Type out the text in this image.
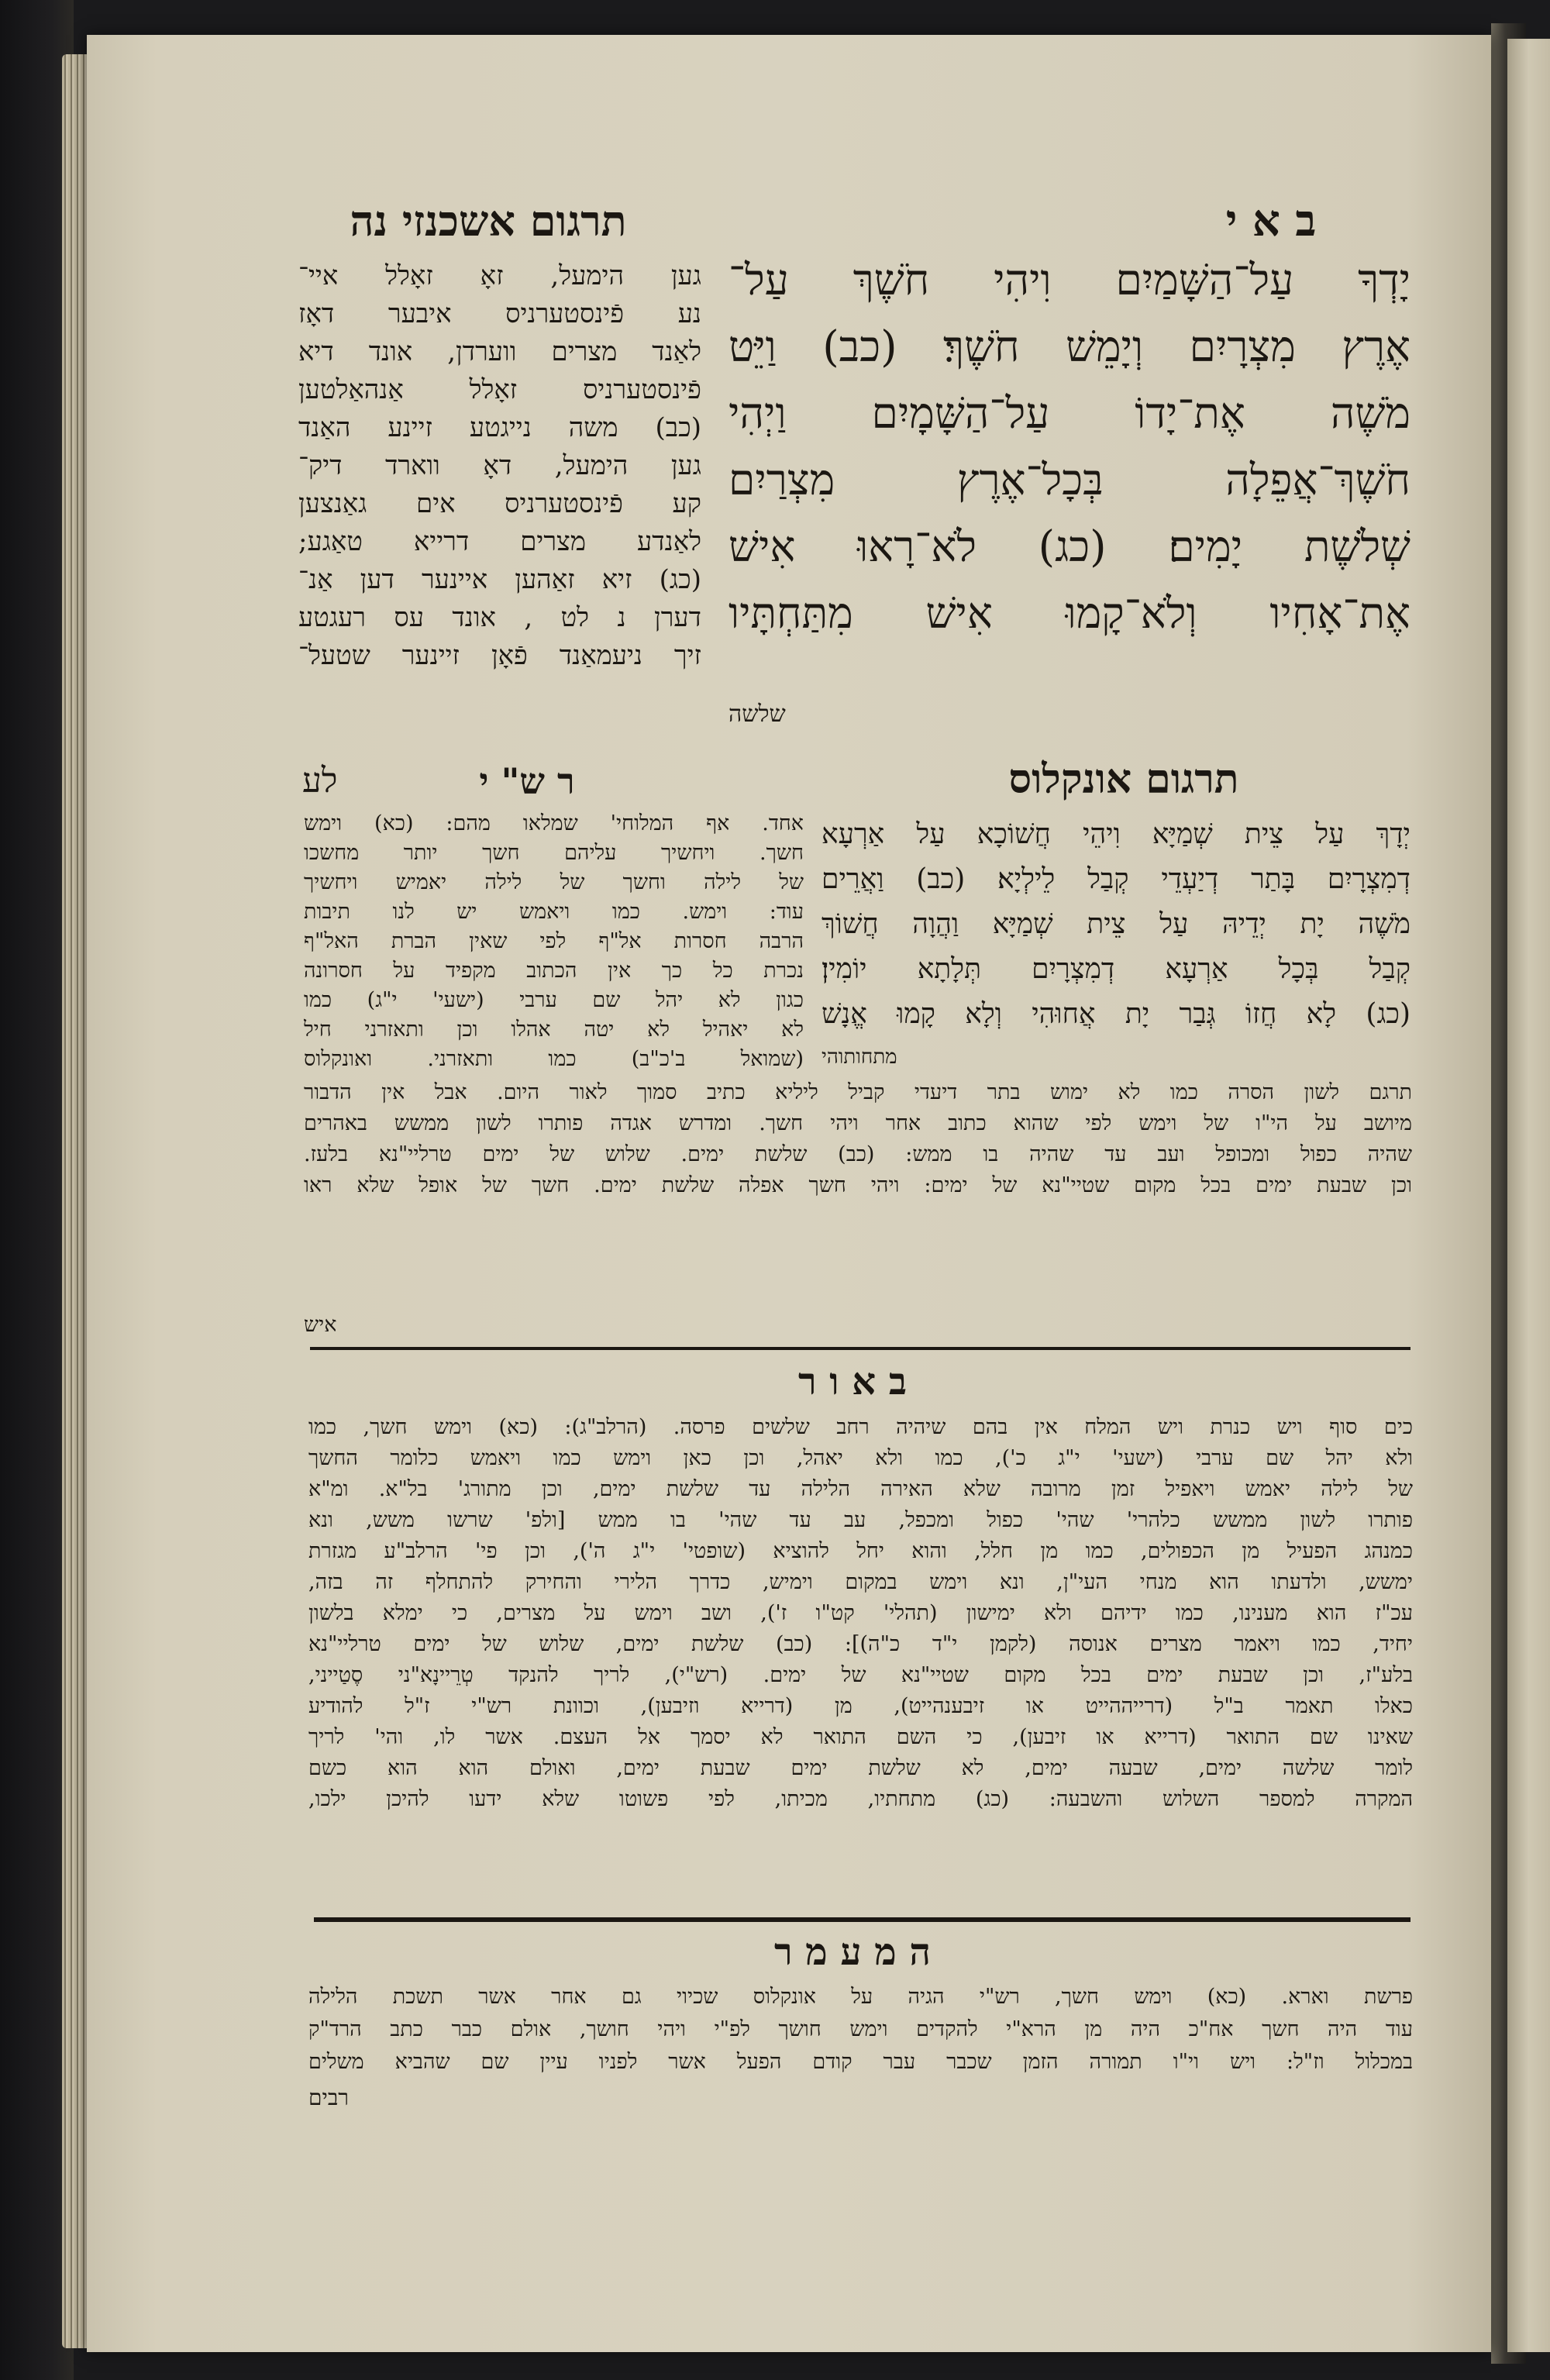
תרגום אשכנזי נה	ב א י
יָדְךָ עַל־הַשָּׁמַיִם וִיהִי חֹשֶׁךְ עַל־
אֶרֶץ מִצְרָיִם וְיָמֵשׁ חֹשֶׁךְ׃ (כב) וַיֵּט
מֹשֶׁה אֶת־יָדוֹ עַל־הַשָּׁמָיִם וַיְהִי
חֹשֶׁךְ־אֲפֵלָה בְּכָל־אֶרֶץ מִצְרַיִם
שְׁלֹשֶׁת יָמִים׃ (כג) לֹא־רָאוּ אִישׁ
אֶת־אָחִיו וְלֹא־קָמוּ אִישׁ מִתַּחְתָּיו
שלשה
גען הימעל, זאָ זאָלל איי־
נע פֿינסטערניס איבער דאָז
לאַנד מצרים ווערדן, אונד דיא
פֿינסטערניס זאָלל אַנהאַלטען
(כב) משה נייגטע זיינע האַנד
גען הימעל, דאָ ווארד דיק־
קע פֿינסטערניס אים גאַנצען
לאַנדע מצרים דרייא טאַגע;
(כג) זיא זאַהען איינער דען אַנ־
דערן נ לט , אונד עס רעגטע
זיך ניעמאַנד פֿאָן זיינער שטעל־
תרגום אונקלוס
ר ש" י
לע
יְדָךְ עַל צֵית שְׁמַיָּא וִיהֵי חֲשׁוֹכָא עַל אַרְעָא
דְמִצְרָיִם בָּתַר דְיַעְדֵי קְבַל לֵילְיָא׃ (כב) וַאֲרֵים
מֹשֶׁה יָת יְדֵיהּ עַל צֵית שְׁמַיָּא וַהֲוָה חֲשׁוֹךְ
קְבַל בְּכָל אַרְעָא דְמִצְרָיִם תְּלָתָא יוֹמִין׃
(כג) לָא חֲזוֹ גְּבַר יָת אֲחוּהִי וְלָא קָמוּ אֱנָשׁ
מתחותוהי
אחד. אף המלוחי' שמלאו מהם: (כא) וימש
חשך. ויחשיך עליהם חשך יותר מחשכו
של לילה וחשך של לילה יאמיש ויחשיך
עוד: וימש. כמו ויאמש יש לנו תיבות
הרבה חסרות אל"ף לפי שאין הברת האל"ף
נכרת כל כך אין הכתוב מקפיד על חסרונה
כגון לא יהל שם ערבי (ישעי' י"ג) כמו
לא יאהיל לא יטה אהלו וכן ותאזרני חיל
(שמואל ב'כ"ב) כמו ותאזרני. ואונקלוס
תרגם לשון הסרה כמו לא ימוש בתר דיעדי קביל ליליא כתיב סמוך לאור היום. אבל אין הדבור
מיושב על הי"ו של וימש לפי שהוא כתוב אחר ויהי חשך. ומדרש אגדה פותרו לשון ממשש באהרים
שהיה כפול ומכופל ועב עד שהיה בו ממש: (כב) שלשת ימים. שלוש של ימים טרליי"נא בלעז.
וכן שבעת ימים בכל מקום שטיי"נא של ימים: ויהי חשך אפלה שלשת ימים. חשך של אופל שלא ראו
איש
ב א ו ר
כים סוף ויש כנרת ויש המלח אין בהם שיהיה רחב שלשים פרסה. (הרלב"ג): (כא) וימש חשך, כמו
ולא יהל שם ערבי (ישעי' י"ג כ'), כמו ולא יאהל, וכן כאן וימש כמו ויאמש כלומר החשך
של לילה יאמש ויאפיל זמן מרובה שלא האירה הלילה עד שלשת ימים, וכן מתורג' בל"א. ומ"א
פותרו לשון ממשש כלהרי' שהי' כפול ומכפל, עב עד שהי' בו ממש [ולפ' שרשו משש, ונא
כמנהג הפעיל מן הכפולים, כמו מן חלל, והוא יחל להוציא (שופטי' י"ג ה'), וכן פי' הרלב"ע מגזרת
ימשש, ולדעתו הוא מנחי העי"ן, ונא וימש במקום וימיש, כדרך הלירי והחירק להתחלף זה בזה,
עכ"ז הוא מענינו, כמו ידיהם ולא ימישון (תהלי' קט"ו ז'), ושב וימש על מצרים, כי ימלא בלשון
יחיד, כמו ויאמר מצרים אנוסה (לקמן י"ד כ"ה)]: (כב) שלשת ימים, שלוש של ימים טרליי"נא
בלע"ז, וכן שבעת ימים בכל מקום שטיי"נא של ימים. (רש"י), לריך להנקד טְרֵיינָא"ני סֶטַייני,
כאלו תאמר ב"ל (דרייההייט או זיבענהייט), מן (דרייא וזיבען), וכוונת רש"י ז"ל להודיע
שאינו שם התואר (דרייא או זיבען), כי השם התואר לא יסמך אל העצם. אשר לו, והי' לריך
לומר שלשה ימים, שבעה ימים, לא שלשת ימים שבעת ימים, ואולם הוא הוא כשם
המקרה למספר השלוש והשבעה: (כג) מתחתיו, מכיתו, לפי פשוטו שלא ידעו להיכן ילכו,
ה מ ע מ ר
פרשת וארא. (כא) וימש חשך, רש"י הגיה על אונקלוס שכיוי גם אחר אשר תשכת הלילה
עוד היה חשך אח"כ היה מן הרא"י להקדים וימש חושך לפ"י ויהי חושך, אולם כבר כתב הרד"ק
במכלול וז"ל: ויש וי"ו תמורה הזמן שכבר עבר קודם הפעל אשר לפניו עיין שם שהביא משלים
רבים
